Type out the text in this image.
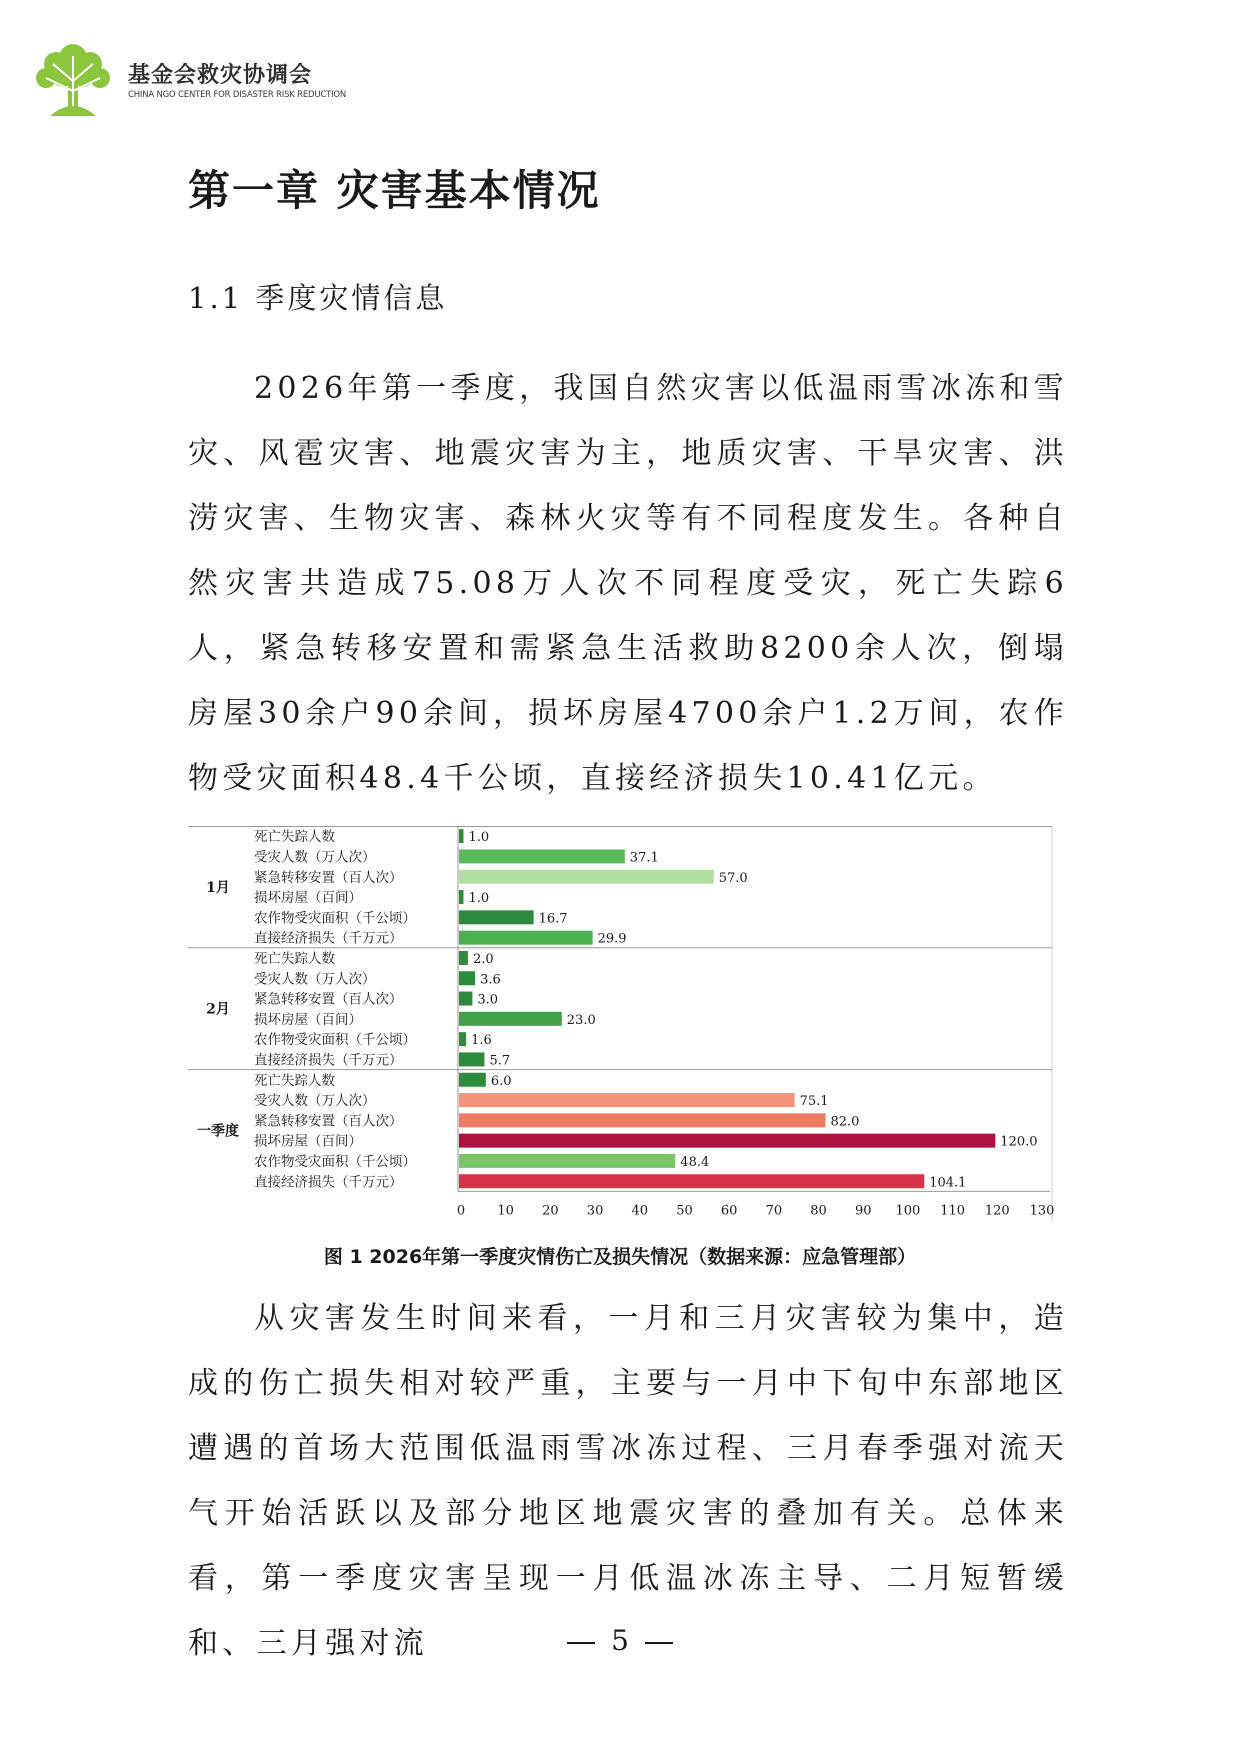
基金会救灾协调会
CHINA NGO CENTER FOR DISASTER RISK REDUCTION
第一章 灾害基本情况
1.1 季度灾情信息

2026年第一季度，我国自然灾害以低温雨雪冰冻和雪灾、风雹灾害、地震灾害为主，地质灾害、干旱灾害、洪涝灾害、生物灾害、森林火灾等有不同程度发生。各种自然灾害共造成75.08万人次不同程度受灾，死亡失踪6人，紧急转移安置和需紧急生活救助8200余人次，倒塌房屋30余户90余间，损坏房屋4700余户1.2万间，农作物受灾面积48.4千公顷，直接经济损失10.41亿元。

1月
死亡失踪人数	1.0
受灾人数（万人次）	37.1
紧急转移安置（百人次）	57.0
损坏房屋（百间）	1.0
农作物受灾面积（千公顷）	16.7
直接经济损失（千万元）	29.9
2月
死亡失踪人数	2.0
受灾人数（万人次）	3.6
紧急转移安置（百人次）	3.0
损坏房屋（百间）	23.0
农作物受灾面积（千公顷）	1.6
直接经济损失（千万元）	5.7
一季度
死亡失踪人数	6.0
受灾人数（万人次）	75.1
紧急转移安置（百人次）	82.0
损坏房屋（百间）	120.0
农作物受灾面积（千公顷）	48.4
直接经济损失（千万元）	104.1
0 10 20 30 40 50 60 70 80 90 100 110 120 130
图 1 2026年第一季度灾情伤亡及损失情况（数据来源：应急管理部）

从灾害发生时间来看，一月和三月灾害较为集中，造成的伤亡损失相对较严重，主要与一月中下旬中东部地区遭遇的首场大范围低温雨雪冰冻过程、三月春季强对流天气开始活跃以及部分地区地震灾害的叠加有关。总体来看，第一季度灾害呈现一月低温冰冻主导、二月短暂缓和、三月强对流	5
